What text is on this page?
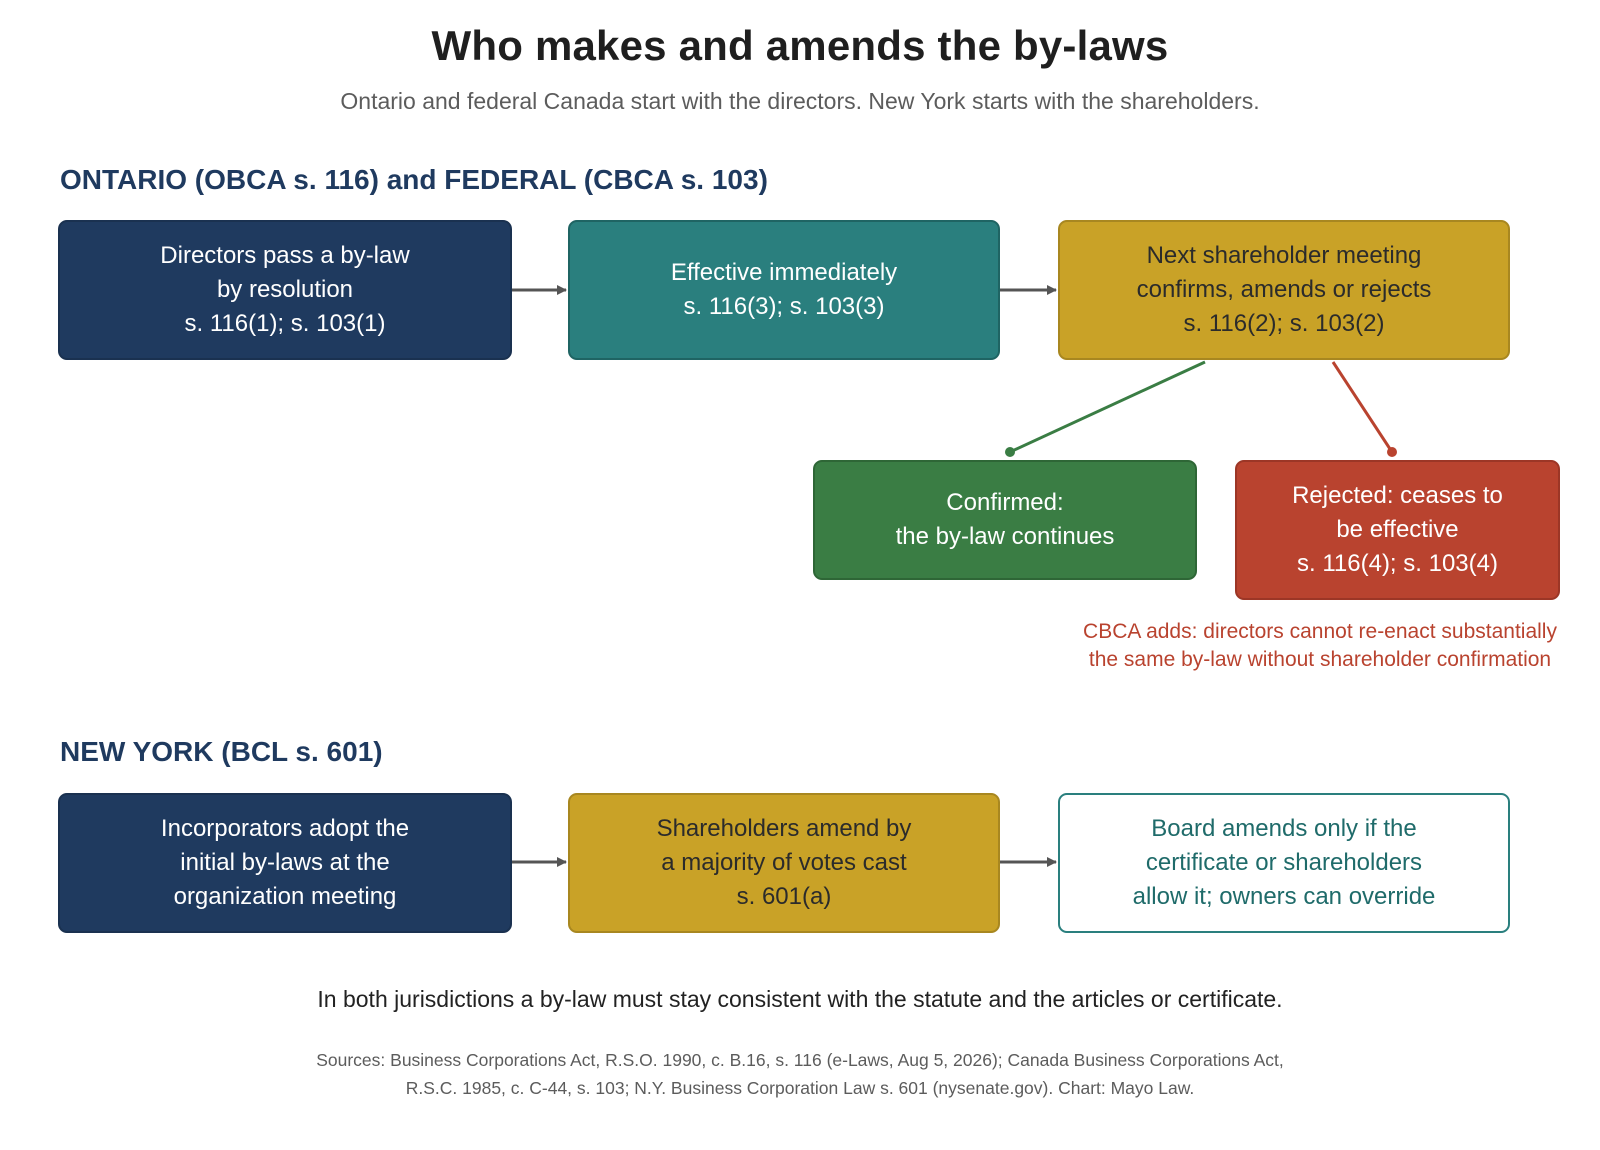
Who makes and amends the by-laws
Ontario and federal Canada start with the directors. New York starts with the shareholders.
ONTARIO (OBCA s. 116) and FEDERAL (CBCA s. 103)
Directors pass a by-law
by resolution
s. 116(1); s. 103(1)
Effective immediately
s. 116(3); s. 103(3)
Next shareholder meeting
confirms, amends or rejects
s. 116(2); s. 103(2)
Confirmed:
the by-law continues
Rejected: ceases to
be effective
s. 116(4); s. 103(4)
CBCA adds: directors cannot re-enact substantially
the same by-law without shareholder confirmation
NEW YORK (BCL s. 601)
Incorporators adopt the
initial by-laws at the
organization meeting
Shareholders amend by
a majority of votes cast
s. 601(a)
Board amends only if the
certificate or shareholders
allow it; owners can override
In both jurisdictions a by-law must stay consistent with the statute and the articles or certificate.
Sources: Business Corporations Act, R.S.O. 1990, c. B.16, s. 116 (e-Laws, Aug 5, 2026); Canada Business Corporations Act,
R.S.C. 1985, c. C-44, s. 103; N.Y. Business Corporation Law s. 601 (nysenate.gov). Chart: Mayo Law.
